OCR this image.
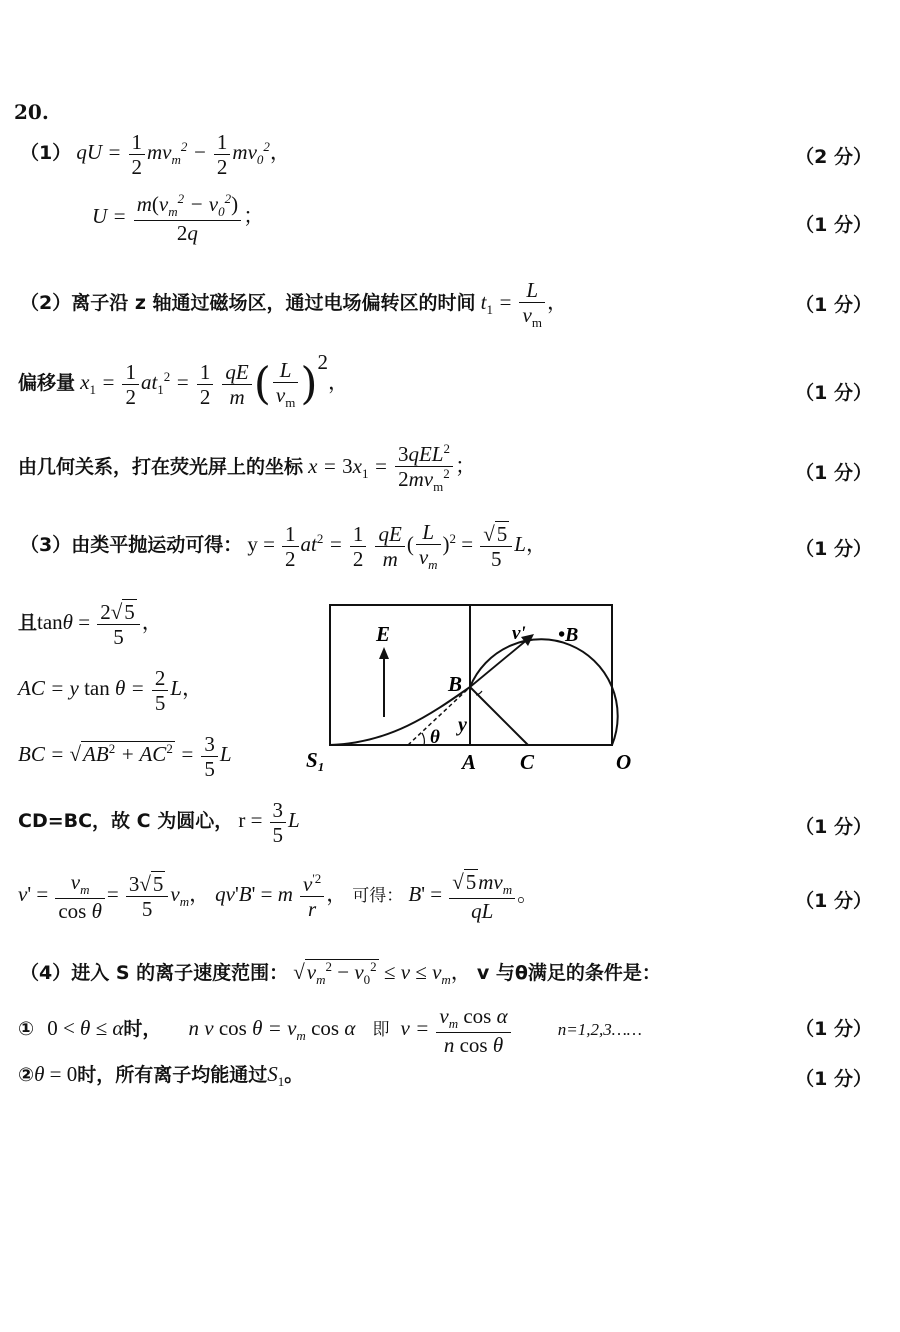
20.
（1） qU = $\frac{1}{2} mv_m^2 - \frac{1}{2} mv_0^2$，	（2 分）
$U = \frac{m(v_m^2 - v_0^2)}{2q}$ ；	（1 分）
（2）离子沿 z 轴通过磁场区，通过电场偏转区的时间 $t_1 = \frac{L}{v_m}$ ，	（1 分）
偏移量 $x_1 = \frac{1}{2} at_1^2 = \frac{1}{2}$
$\frac{qE}{m}$ ( $\frac{L}{v_m} )^2$，	（1 分）
由几何关系，打在荧光屏上的坐标 $x = 3x_1 = \frac{3qEL^2}{2mv_m^2}$ ；	（1 分）
（3）由类平抛运动可得： $y = \frac{1}{2} at^2 = \frac{1}{2}$
$\frac{qE}{m}$ ( $\frac{L}{v_m} )^2 = \frac{√5}{5}$ L，	（1 分）
且$\tan\theta = \frac{2√5}{5}$ ，
AC = y $\tan \theta = \frac{2}{5}$ L，
BC = $√AB^2 + AC^2 = \frac{3}{5}$ L
E	v' •B
B
y
θ
S₁	A C	O
CD=BC，故 C 为圆心， $r = \frac{3}{5}$ L	（1 分）
$v' = \frac{v_m}{\text{cos θ}} = \frac{3√5}{5} v_m$， qv'B' = m $\frac{v^{'2}}{r}$ ， 可得： $B' = \frac{√5mv_m}{qL}$ 。	（1 分）
（4）进入 S 的离子速度范围： $√v_m^2 - v_0^2 \le v \le v_m$， v 与θ满足的条件是：
① 0 < θ ≤ α时， n v $\cos \theta = v_m$ cos α 即 $v = \frac{v_m \cos \alpha}{\text{n cos θ}}$	n=1,2,3……	（1 分）
②θ = 0时，所有离子均能通过$S_1$。	（1 分）
